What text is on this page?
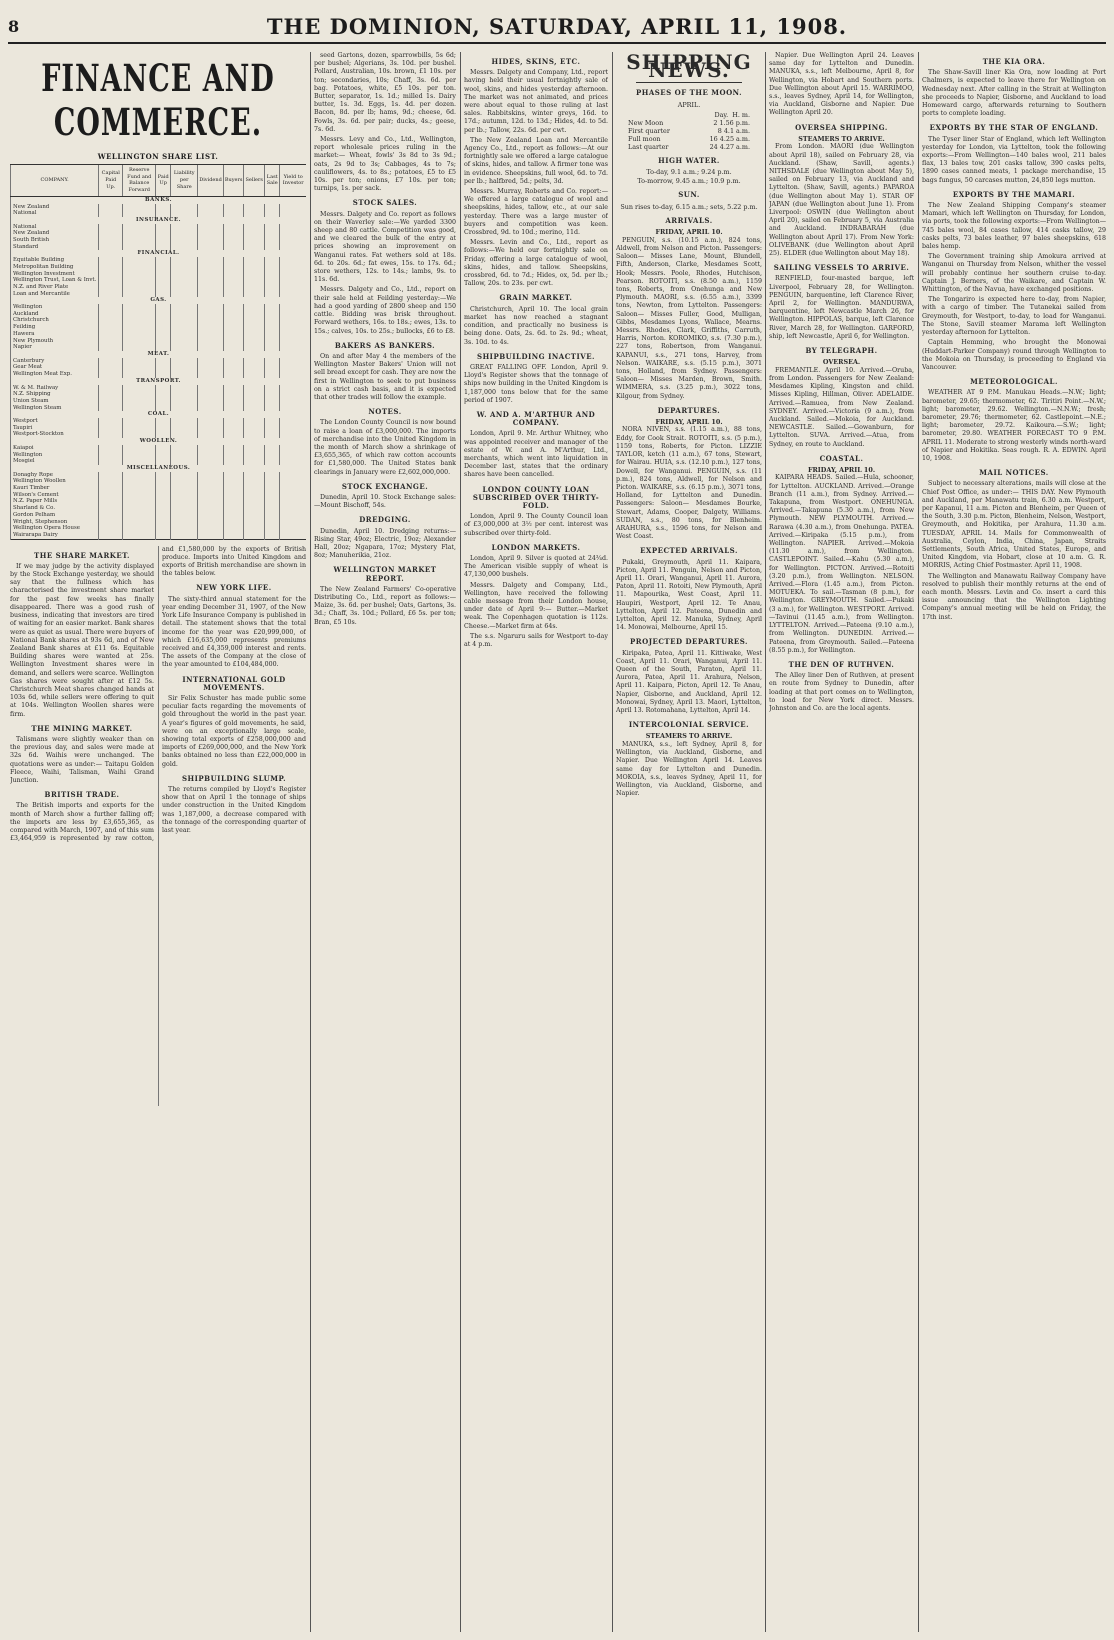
8	THE DOMINION, SATURDAY, APRIL 11, 1908.
FINANCE AND COMMERCE.
WELLINGTON SHARE LIST.
COMPANY.	Capital Paid Up.	Reserve Fund and Balance Forward	Paid Up	Liability per Share	Dividend	Buyers	Sellers	Last Sale	Yield to Investor
BANKS.									
New Zealand									
National									
INSURANCE.									
National									
New Zealand									
South British									
Standard									
FINANCIAL.									
Equitable Building									
Metropolitan Building									
Wellington Investment									
Wellington Trust, Loan & Invt.									
N.Z. and River Plate									
Loan and Mercantile									
GAS.									
Wellington									
Auckland									
Christchurch									
Feilding									
Hawera									
New Plymouth									
Napier									
MEAT.									
Canterbury									
Gear Meat									
Wellington Meat Exp.									
TRANSPORT.									
W. & M. Railway									
N.Z. Shipping									
Union Steam									
Wellington Steam									
COAL.									
Westport									
Taupiri									
Westport-Stockton									
WOOLLEN.									
Kaiapoi									
Wellington									
Mosgiel									
MISCELLANEOUS.									
Donaghy Rope									
Wellington Woollen									
Kauri Timber									
Wilson's Cement									
N.Z. Paper Mills									
Sharland & Co.									
Gordon Pelham									
Wright, Stephenson									
Wellington Opera House									
Wairarapa Dairy									
THE SHARE MARKET.

If we may judge by the activity displayed by the Stock Exchange yesterday, we should say that the fullness which has characterised the investment share market for the past few weeks has finally disappeared. There was a good rush of business, indicating that investors are tired of waiting for an easier market. Bank shares were as quiet as usual. There were buyers of National Bank shares at 93s 6d, and of New Zealand Bank shares at £11 6s. Equitable Building shares were wanted at 25s. Wellington Investment shares were in demand, and sellers were scarce. Wellington Gas shares were sought after at £12 5s. Christchurch Meat shares changed hands at 103s 6d, while sellers were offering to quit at 104s. Wellington Woollen shares were firm.

THE MINING MARKET.

Talismans were slightly weaker than on the previous day, and sales were made at 32s 6d. Waihis were unchanged. The quotations were as under:— Taitapu Golden Fleece, Waihi, Talisman, Waihi Grand Junction.

BRITISH TRADE.

The British imports and exports for the month of March show a further falling off; the imports are less by £3,655,365, as compared with March, 1907, and of this sum £3,464,959 is represented by raw cotton, and £1,580,000 by the exports of British produce. Imports into United Kingdom and exports of British merchandise are shown in the tables below.

NEW YORK LIFE.

The sixty-third annual statement for the year ending December 31, 1907, of the New York Life Insurance Company is published in detail. The statement shows that the total income for the year was £20,999,000, of which £16,635,000 represents premiums received and £4,359,000 interest and rents. The assets of the Company at the close of the year amounted to £104,484,000.

INTERNATIONAL GOLD MOVEMENTS.

Sir Felix Schuster has made public some peculiar facts regarding the movements of gold throughout the world in the past year. A year's figures of gold movements, he said, were on an exceptionally large scale, showing total exports of £258,000,000 and imports of £269,000,000, and the New York banks obtained no less than £22,000,000 in gold.

SHIPBUILDING SLUMP.

The returns compiled by Lloyd's Register show that on April 1 the tonnage of ships under construction in the United Kingdom was 1,187,000, a decrease compared with the tonnage of the corresponding quarter of last year.

seed Gartons, dozen, sparrowbills, 5s 6d; per bushel; Algerians, 3s. 10d. per bushel. Pollard, Australian, 10s. brown, £1 10s. per ton; secondaries, 10s; Chaff, 3s. 6d. per bag. Potatoes, white, £5 10s. per ton. Butter, separator, 1s. 1d.; milled 1s. Dairy butter, 1s. 3d. Eggs, 1s. 4d. per dozen. Bacon, 8d. per lb; hams, 9d.; cheese, 6d. Fowls, 3s. 6d. per pair; ducks, 4s.; geese, 7s. 6d.

Messrs. Levy and Co., Ltd., Wellington, report wholesale prices ruling in the market:— Wheat, fowls' 3s 8d to 3s 9d.; oats, 2s 9d to 3s; Cabbages, 4s to 7s; cauliflowers, 4s. to 8s.; potatoes, £5 to £5 10s. per ton; onions, £7 10s. per ton; turnips, 1s. per sack.

STOCK SALES.

Messrs. Dalgety and Co. report as follows on their Waverley sale:—We yarded 3300 sheep and 80 cattle. Competition was good, and we cleared the bulk of the entry at prices showing an improvement on Wanganui rates. Fat wethers sold at 18s. 6d. to 20s. 6d.; fat ewes, 15s. to 17s. 6d.; store wethers, 12s. to 14s.; lambs, 9s. to 11s. 6d.

Messrs. Dalgety and Co., Ltd., report on their sale held at Feilding yesterday:—We had a good yarding of 2800 sheep and 150 cattle. Bidding was brisk throughout. Forward wethers, 16s. to 18s.; ewes, 13s. to 15s.; calves, 10s. to 25s.; bullocks, £6 to £8.

BAKERS AS BANKERS.

On and after May 4 the members of the Wellington Master Bakers' Union will not sell bread except for cash. They are now the first in Wellington to seek to put business on a strict cash basis, and it is expected that other trades will follow the example.

NOTES.

The London County Council is now bound to raise a loan of £3,000,000. The imports of merchandise into the United Kingdom in the month of March show a shrinkage of £3,655,365, of which raw cotton accounts for £1,580,000. The United States bank clearings in January were £2,602,000,000.

STOCK EXCHANGE.

Dunedin, April 10. Stock Exchange sales:—Mount Bischoff, 54s.

DREDGING.

Dunedin, April 10. Dredging returns:—Rising Star, 49oz; Electric, 19oz; Alexander Hall, 20oz; Ngapara, 17oz; Mystery Flat, 8oz; Manuherikia, 21oz.

WELLINGTON MARKET REPORT.

The New Zealand Farmers' Co-operative Distributing Co., Ltd., report as follows:— Maize, 3s. 6d. per bushel; Oats, Gartons, 3s. 3d.; Chaff, 3s. 10d.; Pollard, £6 5s. per ton; Bran, £5 10s.

HIDES, SKINS, ETC.

Messrs. Dalgety and Company, Ltd., report having held their usual fortnightly sale of wool, skins, and hides yesterday afternoon. The market was not animated, and prices were about equal to those ruling at last sales. Rabbitskins, winter greys, 16d. to 17d.; autumn, 12d. to 13d.; Hides, 4d. to 5d. per lb.; Tallow, 22s. 6d. per cwt.

The New Zealand Loan and Mercantile Agency Co., Ltd., report as follows:—At our fortnightly sale we offered a large catalogue of skins, hides, and tallow. A firmer tone was in evidence. Sheepskins, full wool, 6d. to 7d. per lb.; halfbred, 5d.; pelts, 3d.

Messrs. Murray, Roberts and Co. report:— We offered a large catalogue of wool and sheepskins, hides, tallow, etc., at our sale yesterday. There was a large muster of buyers and competition was keen. Crossbred, 9d. to 10d.; merino, 11d.

Messrs. Levin and Co., Ltd., report as follows:—We held our fortnightly sale on Friday, offering a large catalogue of wool, skins, hides, and tallow. Sheepskins, crossbred, 6d. to 7d.; Hides, ox, 5d. per lb.; Tallow, 20s. to 23s. per cwt.

GRAIN MARKET.

Christchurch, April 10. The local grain market has now reached a stagnant condition, and practically no business is being done. Oats, 2s. 6d. to 2s. 9d.; wheat, 3s. 10d. to 4s.

SHIPBUILDING INACTIVE.

GREAT FALLING OFF. London, April 9. Lloyd's Register shows that the tonnage of ships now building in the United Kingdom is 1,187,000 tons below that for the same period of 1907.

W. AND A. M'ARTHUR AND COMPANY.

London, April 9. Mr. Arthur Whitney, who was appointed receiver and manager of the estate of W. and A. M'Arthur, Ltd., merchants, which went into liquidation in December last, states that the ordinary shares have been cancelled.

LONDON COUNTY LOAN SUBSCRIBED OVER THIRTY-FOLD.

London, April 9. The County Council loan of £3,000,000 at 3½ per cent. interest was subscribed over thirty-fold.

LONDON MARKETS.

London, April 9. Silver is quoted at 24¾d. The American visible supply of wheat is 47,130,000 bushels.

Messrs. Dalgety and Company, Ltd., Wellington, have received the following cable message from their London house, under date of April 9:— Butter.—Market weak. The Copenhagen quotation is 112s. Cheese.—Market firm at 64s.

The s.s. Ngaruru sails for Westport to-day at 4 p.m.

SHIPPING NEWS.
PHASES OF THE MOON.
APRIL.
Day. H. m.
New Moon	2 1.56 p.m.
First quarter	8 4.1 a.m.
Full moon	16 4.25 a.m.
Last quarter	24 4.27 a.m.
HIGH WATER.
To-day, 9.1 a.m.; 9.24 p.m.
To-morrow, 9.45 a.m.; 10.9 p.m.
SUN.
Sun rises to-day, 6.15 a.m.; sets, 5.22 p.m.
ARRIVALS.
FRIDAY, APRIL 10.

PENGUIN, s.s. (10.15 a.m.), 824 tons, Aldwell, from Nelson and Picton. Passengers: Saloon— Misses Lane, Mount, Blundell, Fifth, Anderson, Clarke, Mesdames Scott, Hook; Messrs. Poole, Rhodes, Hutchison, Pearson. ROTOITI, s.s. (8.50 a.m.), 1159 tons, Roberts, from Onehunga and New Plymouth. MAORI, s.s. (6.55 a.m.), 3399 tons, Newton, from Lyttelton. Passengers: Saloon— Misses Fuller, Good, Mulligan, Gibbs, Mesdames Lyons, Wallace, Mearns. Messrs. Rhodes, Clark, Griffiths, Carruth, Harris, Norton. KOROMIKO, s.s. (7.30 p.m.), 227 tons, Robertson, from Wanganui. KAPANUI, s.s., 271 tons, Harvey, from Nelson. WAIKARE, s.s. (5.15 p.m.), 3071 tons, Holland, from Sydney. Passengers: Saloon— Misses Marden, Brown, Smith. WIMMERA, s.s. (3.25 p.m.), 3022 tons, Kilgour, from Sydney.

DEPARTURES.
FRIDAY, APRIL 10.

NORA NIVEN, s.s. (1.15 a.m.), 88 tons, Eddy, for Cook Strait. ROTOITI, s.s. (5 p.m.), 1159 tons, Roberts, for Picton. LIZZIE TAYLOR, ketch (11 a.m.), 67 tons, Stewart, for Wairau. HUIA, s.s. (12.10 p.m.), 127 tons, Dowell, for Wanganui. PENGUIN, s.s. (11 p.m.), 824 tons, Aldwell, for Nelson and Picton. WAIKARE, s.s. (6.15 p.m.), 3071 tons, Holland, for Lyttelton and Dunedin. Passengers: Saloon— Mesdames Bourke, Stewart, Adams, Cooper, Dalgety, Williams. SUDAN, s.s., 80 tons, for Blenheim. ARAHURA, s.s., 1596 tons, for Nelson and West Coast.

EXPECTED ARRIVALS.

Pukaki, Greymouth, April 11. Kaipara, Picton, April 11. Penguin, Nelson and Picton, April 11. Orari, Wanganui, April 11. Aurora, Paton, April 11. Rotoiti, New Plymouth, April 11. Mapourika, West Coast, April 11. Haupiri, Westport, April 12. Te Anau, Lyttelton, April 12. Pateena, Dunedin and Lyttelton, April 12. Manuka, Sydney, April 14. Monowai, Melbourne, April 15.

PROJECTED DEPARTURES.

Kiripaka, Patea, April 11. Kittiwake, West Coast, April 11. Orari, Wanganui, April 11. Queen of the South, Paraton, April 11. Aurora, Patea, April 11. Arahura, Nelson, April 11. Kaipara, Picton, April 12. Te Anau, Napier, Gisborne, and Auckland, April 12. Monowai, Sydney, April 13. Maori, Lyttelton, April 13. Rotomahana, Lyttelton, April 14.

INTERCOLONIAL SERVICE.
STEAMERS TO ARRIVE.

MANUKA, s.s., left Sydney, April 8, for Wellington, via Auckland, Gisborne, and Napier. Due Wellington April 14. Leaves same day for Lyttelton and Dunedin. MOKOIA, s.s., leaves Sydney, April 11, for Wellington, via Auckland, Gisborne, and Napier.

Napier. Due Wellington April 24. Leaves same day for Lyttelton and Dunedin. MANUKA, s.s., left Melbourne, April 8, for Wellington, via Hobart and Southern ports. Due Wellington about April 15. WARRIMOO, s.s., leaves Sydney, April 14, for Wellington, via Auckland, Gisborne and Napier. Due Wellington April 20.

OVERSEA SHIPPING.
STEAMERS TO ARRIVE.

From London. MAORI (due Wellington about April 18), sailed on February 28, via Auckland. (Shaw, Savill, agents.) NITHSDALE (due Wellington about May 5), sailed on February 13, via Auckland and Lyttelton. (Shaw, Savill, agents.) PAPAROA (due Wellington about May 1). STAR OF JAPAN (due Wellington about June 1). From Liverpool: OSWIN (due Wellington about April 20), sailed on February 5, via Australia and Auckland. INDRABARAH (due Wellington about April 17). From New York: OLIVEBANK (due Wellington about April 25). ELDER (due Wellington about May 18).

SAILING VESSELS TO ARRIVE.

RENFIELD, four-masted barque, left Liverpool, February 28, for Wellington. PENGUIN, barquentine, left Clarence River, April 2, for Wellington. MANDURWA, barquentine, left Newcastle March 26, for Wellington. HIPPOLAS, barque, left Clarence River, March 28, for Wellington. GARFORD, ship, left Newcastle, April 6, for Wellington.

BY TELEGRAPH.
OVERSEA.

FREMANTLE. April 10. Arrived.—Oruba, from London. Passengers for New Zealand: Mesdames Kipling, Kingston and child. Misses Kipling, Hillman, Oliver. ADELAIDE. Arrived.—Ramuea, from New Zealand. SYDNEY. Arrived.—Victoria (9 a.m.), from Auckland. Sailed.—Mokoia, for Auckland. NEWCASTLE. Sailed.—Gowanburn, for Lyttelton. SUVA. Arrived.—Atua, from Sydney, en route to Auckland.

COASTAL.
FRIDAY, APRIL 10.

KAIPARA HEADS. Sailed.—Hula, schooner, for Lyttelton. AUCKLAND. Arrived.—Orange Branch (11 a.m.), from Sydney. Arrived.—Takapuna, from Westport. ONEHUNGA. Arrived.—Takapuna (5.30 a.m.), from New Plymouth. NEW PLYMOUTH. Arrived.—Rarawa (4.30 a.m.), from Onehunga. PATEA. Arrived.—Kiripaka (5.15 p.m.), from Wellington. NAPIER. Arrived.—Mokoia (11.30 a.m.), from Wellington. CASTLEPOINT. Sailed.—Kahu (5.30 a.m.), for Wellington. PICTON. Arrived.—Rotoiti (3.20 p.m.), from Wellington. NELSON. Arrived.—Flora (1.45 a.m.), from Picton. MOTUEKA. To sail.—Tasman (8 p.m.), for Wellington. GREYMOUTH. Sailed.—Pukaki (3 a.m.), for Wellington. WESTPORT. Arrived.—Tavinui (11.45 a.m.), from Wellington. LYTTELTON. Arrived.—Pateena (9.10 a.m.), from Wellington. DUNEDIN. Arrived.—Pateena, from Greymouth. Sailed.—Pateena (8.55 p.m.), for Wellington.

THE DEN OF RUTHVEN.

The Alley liner Den of Ruthven, at present en route from Sydney to Dunedin, after loading at that port comes on to Wellington, to load for New York direct. Messrs. Johnston and Co. are the local agents.

THE KIA ORA.

The Shaw-Savill liner Kia Ora, now loading at Port Chalmers, is expected to leave there for Wellington on Wednesday next. After calling in the Strait at Wellington she proceeds to Napier, Gisborne, and Auckland to load Homeward cargo, afterwards returning to Southern ports to complete loading.

EXPORTS BY THE STAR OF ENGLAND.

The Tyser liner Star of England, which left Wellington yesterday for London, via Lyttelton, took the following exports:—From Wellington—140 bales wool, 211 bales flax, 13 bales tow, 201 casks tallow, 390 casks pelts, 1890 cases canned meats, 1 package merchandise, 15 bags fungus, 50 carcases mutton, 24,850 legs mutton.

EXPORTS BY THE MAMARI.

The New Zealand Shipping Company's steamer Mamari, which left Wellington on Thursday, for London, via ports, took the following exports:—From Wellington—745 bales wool, 84 cases tallow, 414 casks tallow, 29 casks pelts, 73 bales leather, 97 bales sheepskins, 618 bales hemp.

The Government training ship Amokura arrived at Wanganui on Thursday from Nelson, whither the vessel will probably continue her southern cruise to-day. Captain J. Berners, of the Waikare, and Captain W. Whittington, of the Navua, have exchanged positions.

The Tongariro is expected here to-day, from Napier, with a cargo of timber. The Tutanekai sailed from Greymouth, for Westport, to-day, to load for Wanganui. The Stone, Savill steamer Marama left Wellington yesterday afternoon for Lyttelton.

Captain Hemming, who brought the Monowai (Huddart-Parker Company) round through Wellington to the Mokoia on Thursday, is proceeding to England via Vancouver.

METEOROLOGICAL.

WEATHER AT 9 P.M. Manukau Heads.—N.W.; light; barometer, 29.65; thermometer, 62. Tiritiri Point.—N.W.; light; barometer, 29.62. Wellington.—N.N.W.; fresh; barometer, 29.76; thermometer, 62. Castlepoint.—N.E.; light; barometer, 29.72. Kaikoura.—S.W.; light; barometer, 29.80. WEATHER FORECAST TO 9 P.M. APRIL 11. Moderate to strong westerly winds north-ward of Napier and Hokitika. Seas rough. R. A. EDWIN. April 10, 1908.

MAIL NOTICES.

Subject to necessary alterations, mails will close at the Chief Post Office, as under:— THIS DAY. New Plymouth and Auckland, per Manawatu train, 6.30 a.m. Westport, per Kapanui, 11 a.m. Picton and Blenheim, per Queen of the South, 3.30 p.m. Picton, Blenheim, Nelson, Westport, Greymouth, and Hokitika, per Arahura, 11.30 a.m. TUESDAY, APRIL 14. Mails for Commonwealth of Australia, Ceylon, India, China, Japan, Straits Settlements, South Africa, United States, Europe, and United Kingdom, via Hobart, close at 10 a.m. G. R. MORRIS, Acting Chief Postmaster. April 11, 1908.

The Wellington and Manawatu Railway Company have resolved to publish their monthly returns at the end of each month. Messrs. Levin and Co. insert a card this issue announcing that the Wellington Lighting Company's annual meeting will be held on Friday, the 17th inst.
